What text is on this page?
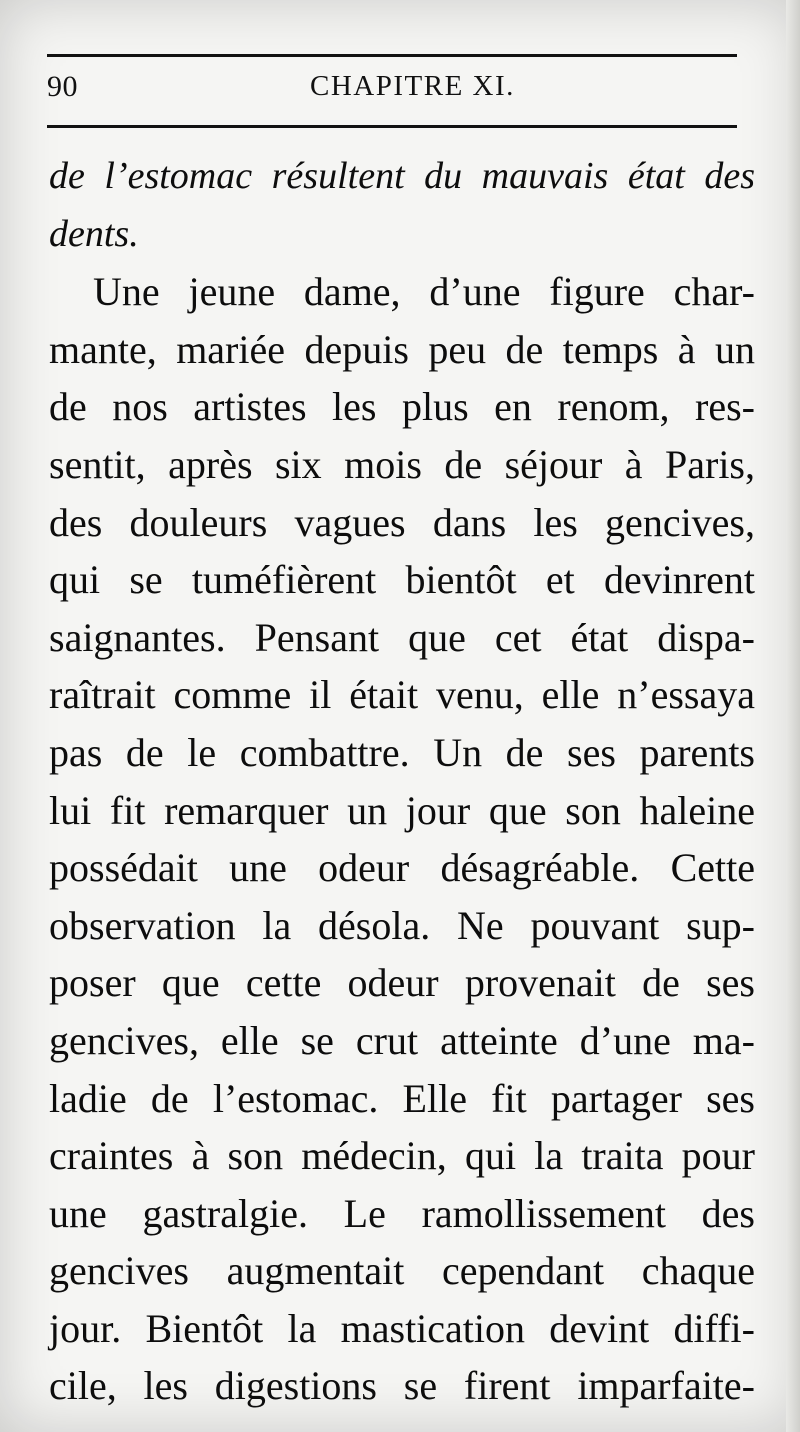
90	CHAPITRE XI.
de l’estomac résultent du mauvais état des
dents.
Une jeune dame, d’une figure char-
mante, mariée depuis peu de temps à un
de nos artistes les plus en renom, res-
sentit, après six mois de séjour à Paris,
des douleurs vagues dans les gencives,
qui se tuméfièrent bientôt et devinrent
saignantes. Pensant que cet état dispa-
raîtrait comme il était venu, elle n’essaya
pas de le combattre. Un de ses parents
lui fit remarquer un jour que son haleine
possédait une odeur désagréable. Cette
observation la désola. Ne pouvant sup-
poser que cette odeur provenait de ses
gencives, elle se crut atteinte d’une ma-
ladie de l’estomac. Elle fit partager ses
craintes à son médecin, qui la traita pour
une gastralgie. Le ramollissement des
gencives augmentait cependant chaque
jour. Bientôt la mastication devint diffi-
cile, les digestions se firent imparfaite-
